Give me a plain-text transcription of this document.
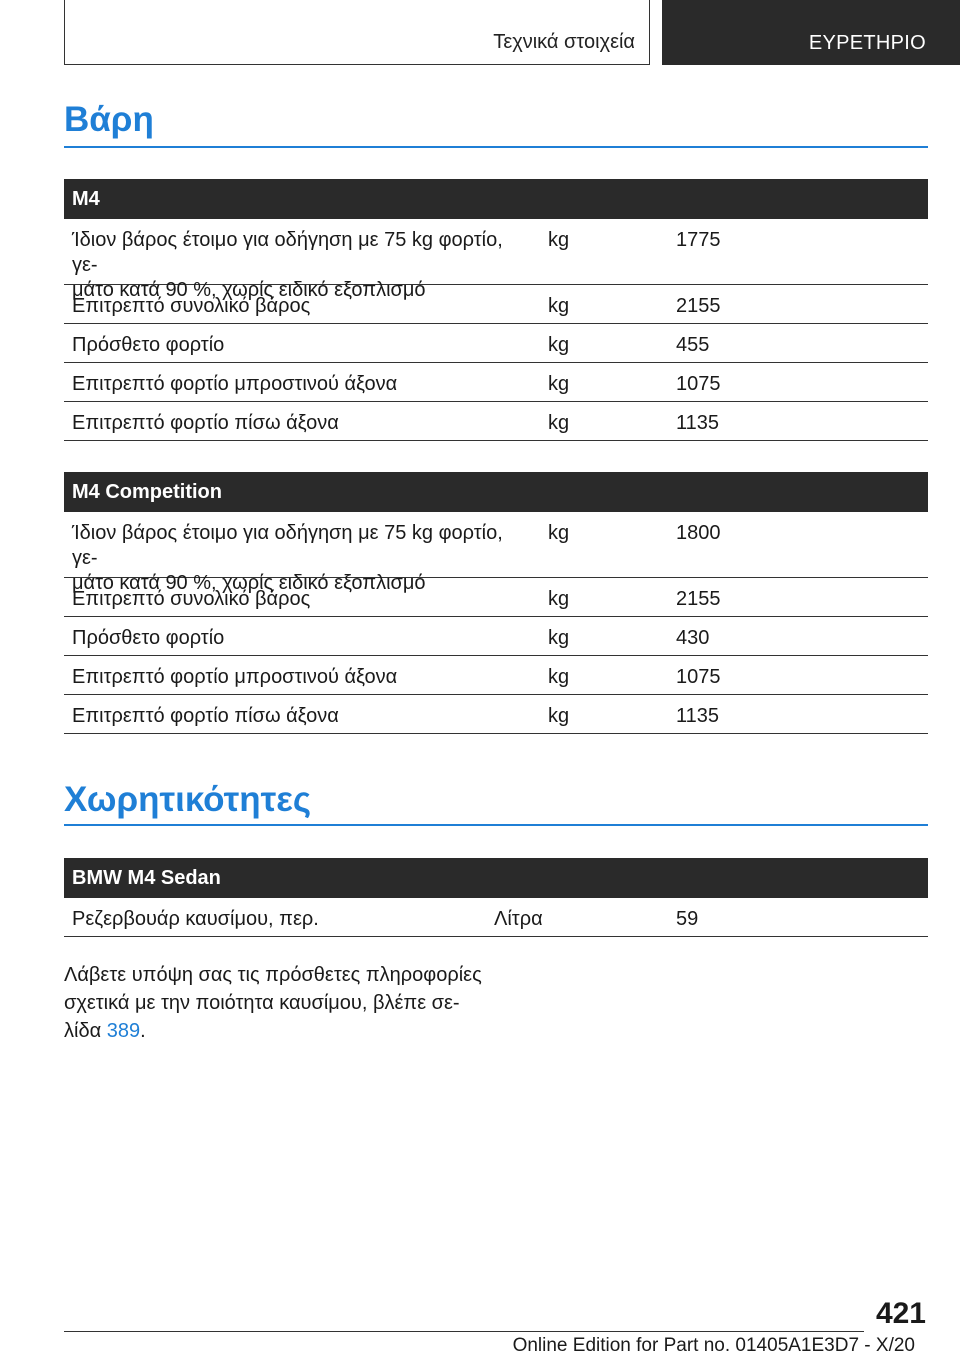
Τεχνικά στοιχεία	ΕΥΡΕΤΗΡΙΟ
Βάρη
M4
Ίδιον βάρος έτοιμο για οδήγηση με 75 kg φορτίο, γε-
μάτο κατά 90 %, χωρίς ειδικό εξοπλισμό
kg	1775
Επιτρεπτό συνολικό βάρος	kg	2155
Πρόσθετο φορτίο	kg	455
Επιτρεπτό φορτίο μπροστινού άξονα	kg	1075
Επιτρεπτό φορτίο πίσω άξονα	kg	1135
M4 Competition
Ίδιον βάρος έτοιμο για οδήγηση με 75 kg φορτίο, γε-
μάτο κατά 90 %, χωρίς ειδικό εξοπλισμό
kg	1800
Επιτρεπτό συνολικό βάρος	kg	2155
Πρόσθετο φορτίο	kg	430
Επιτρεπτό φορτίο μπροστινού άξονα	kg	1075
Επιτρεπτό φορτίο πίσω άξονα	kg	1135
Χωρητικότητες
BMW M4 Sedan
Ρεζερβουάρ καυσίμου, περ.	Λίτρα	59
Λάβετε υπόψη σας τις πρόσθετες πληροφορίες
σχετικά με την ποιότητα καυσίμου, βλέπε σε-
λίδα 389.
421
Online Edition for Part no. 01405A1E3D7 - X/20
